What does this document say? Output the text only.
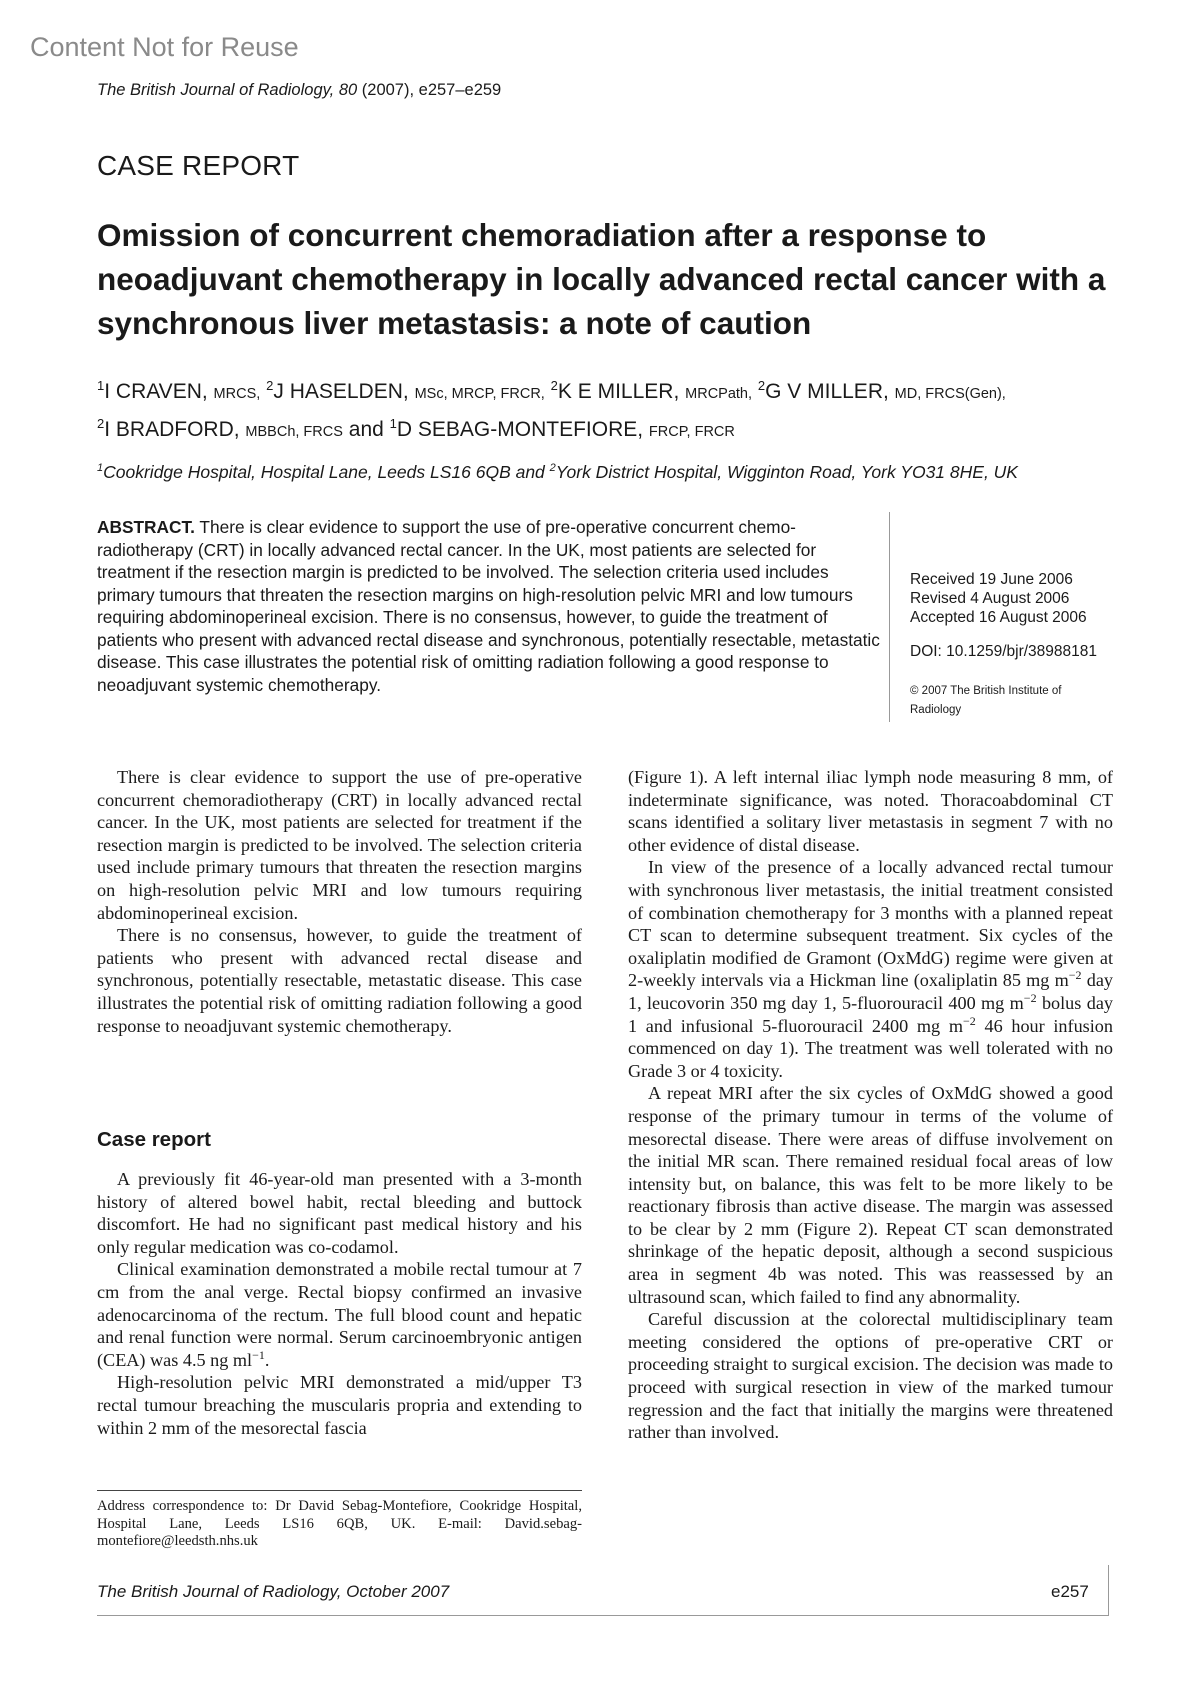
Content Not for Reuse
The British Journal of Radiology, 80 (2007), e257–e259
CASE REPORT
Omission of concurrent chemoradiation after a response to neoadjuvant chemotherapy in locally advanced rectal cancer with a synchronous liver metastasis: a note of caution
$^1$I CRAVEN, MRCS, $^2$J HASELDEN, MSc, MRCP, FRCR, $^2$K E MILLER, MRCPath, $^2$G V MILLER, MD, FRCS(Gen),
$^2$I BRADFORD, MBBCh, FRCS and $^1$D SEBAG-MONTEFIORE, FRCP, FRCR
$^1$Cookridge Hospital, Hospital Lane, Leeds LS16 6QB and $^2$York District Hospital, Wigginton Road, York YO31 8HE, UK
ABSTRACT. There is clear evidence to support the use of pre-operative concurrent chemo-radiotherapy (CRT) in locally advanced rectal cancer. In the UK, most patients are selected for treatment if the resection margin is predicted to be involved. The selection criteria used includes primary tumours that threaten the resection margins on high-resolution pelvic MRI and low tumours requiring abdominoperineal excision. There is no consensus, however, to guide the treatment of patients who present with advanced rectal disease and synchronous, potentially resectable, metastatic disease. This case illustrates the potential risk of omitting radiation following a good response to neoadjuvant systemic chemotherapy.
Received 19 June 2006
Revised 4 August 2006
Accepted 16 August 2006
DOI: 10.1259/bjr/38988181
© 2007 The British Institute of
Radiology

There is clear evidence to support the use of pre-operative concurrent chemoradiotherapy (CRT) in locally advanced rectal cancer. In the UK, most patients are selected for treatment if the resection margin is predicted to be involved. The selection criteria used include primary tumours that threaten the resection margins on high-resolution pelvic MRI and low tumours requiring abdominoperineal excision.

There is no consensus, however, to guide the treatment of patients who present with advanced rectal disease and synchronous, potentially resectable, metastatic disease. This case illustrates the potential risk of omitting radiation following a good response to neoadjuvant systemic chemotherapy.

Case report

A previously fit 46-year-old man presented with a 3-month history of altered bowel habit, rectal bleeding and buttock discomfort. He had no significant past medical history and his only regular medication was co-codamol.

Clinical examination demonstrated a mobile rectal tumour at 7 cm from the anal verge. Rectal biopsy confirmed an invasive adenocarcinoma of the rectum. The full blood count and hepatic and renal function were normal. Serum carcinoembryonic antigen (CEA) was 4.5 ng $ml^{-1}$.

High-resolution pelvic MRI demonstrated a mid/upper T3 rectal tumour breaching the muscularis propria and extending to within 2 mm of the mesorectal fascia

Address correspondence to: Dr David Sebag-Montefiore, Cookridge Hospital, Hospital Lane, Leeds LS16 6QB, UK. E-mail: David.sebag-montefiore@leedsth.nhs.uk

(Figure 1). A left internal iliac lymph node measuring 8 mm, of indeterminate significance, was noted. Thoracoabdominal CT scans identified a solitary liver metastasis in segment 7 with no other evidence of distal disease.

In view of the presence of a locally advanced rectal tumour with synchronous liver metastasis, the initial treatment consisted of combination chemotherapy for 3 months with a planned repeat CT scan to determine subsequent treatment. Six cycles of the oxaliplatin modified de Gramont (OxMdG) regime were given at 2-weekly intervals via a Hickman line (oxaliplatin 85 mg $m^{-2}$ day 1, leucovorin 350 mg day 1, 5-fluorouracil 400 mg $m^{-2}$ bolus day 1 and infusional 5-fluorouracil 2400 mg $m^{-2}$ 46 hour infusion commenced on day 1). The treatment was well tolerated with no Grade 3 or 4 toxicity.

A repeat MRI after the six cycles of OxMdG showed a good response of the primary tumour in terms of the volume of mesorectal disease. There were areas of diffuse involvement on the initial MR scan. There remained residual focal areas of low intensity but, on balance, this was felt to be more likely to be reactionary fibrosis than active disease. The margin was assessed to be clear by 2 mm (Figure 2). Repeat CT scan demonstrated shrinkage of the hepatic deposit, although a second suspicious area in segment 4b was noted. This was reassessed by an ultrasound scan, which failed to find any abnormality.

Careful discussion at the colorectal multidisciplinary team meeting considered the options of pre-operative CRT or proceeding straight to surgical excision. The decision was made to proceed with surgical resection in view of the marked tumour regression and the fact that initially the margins were threatened rather than involved.

The British Journal of Radiology, October 2007	e257
